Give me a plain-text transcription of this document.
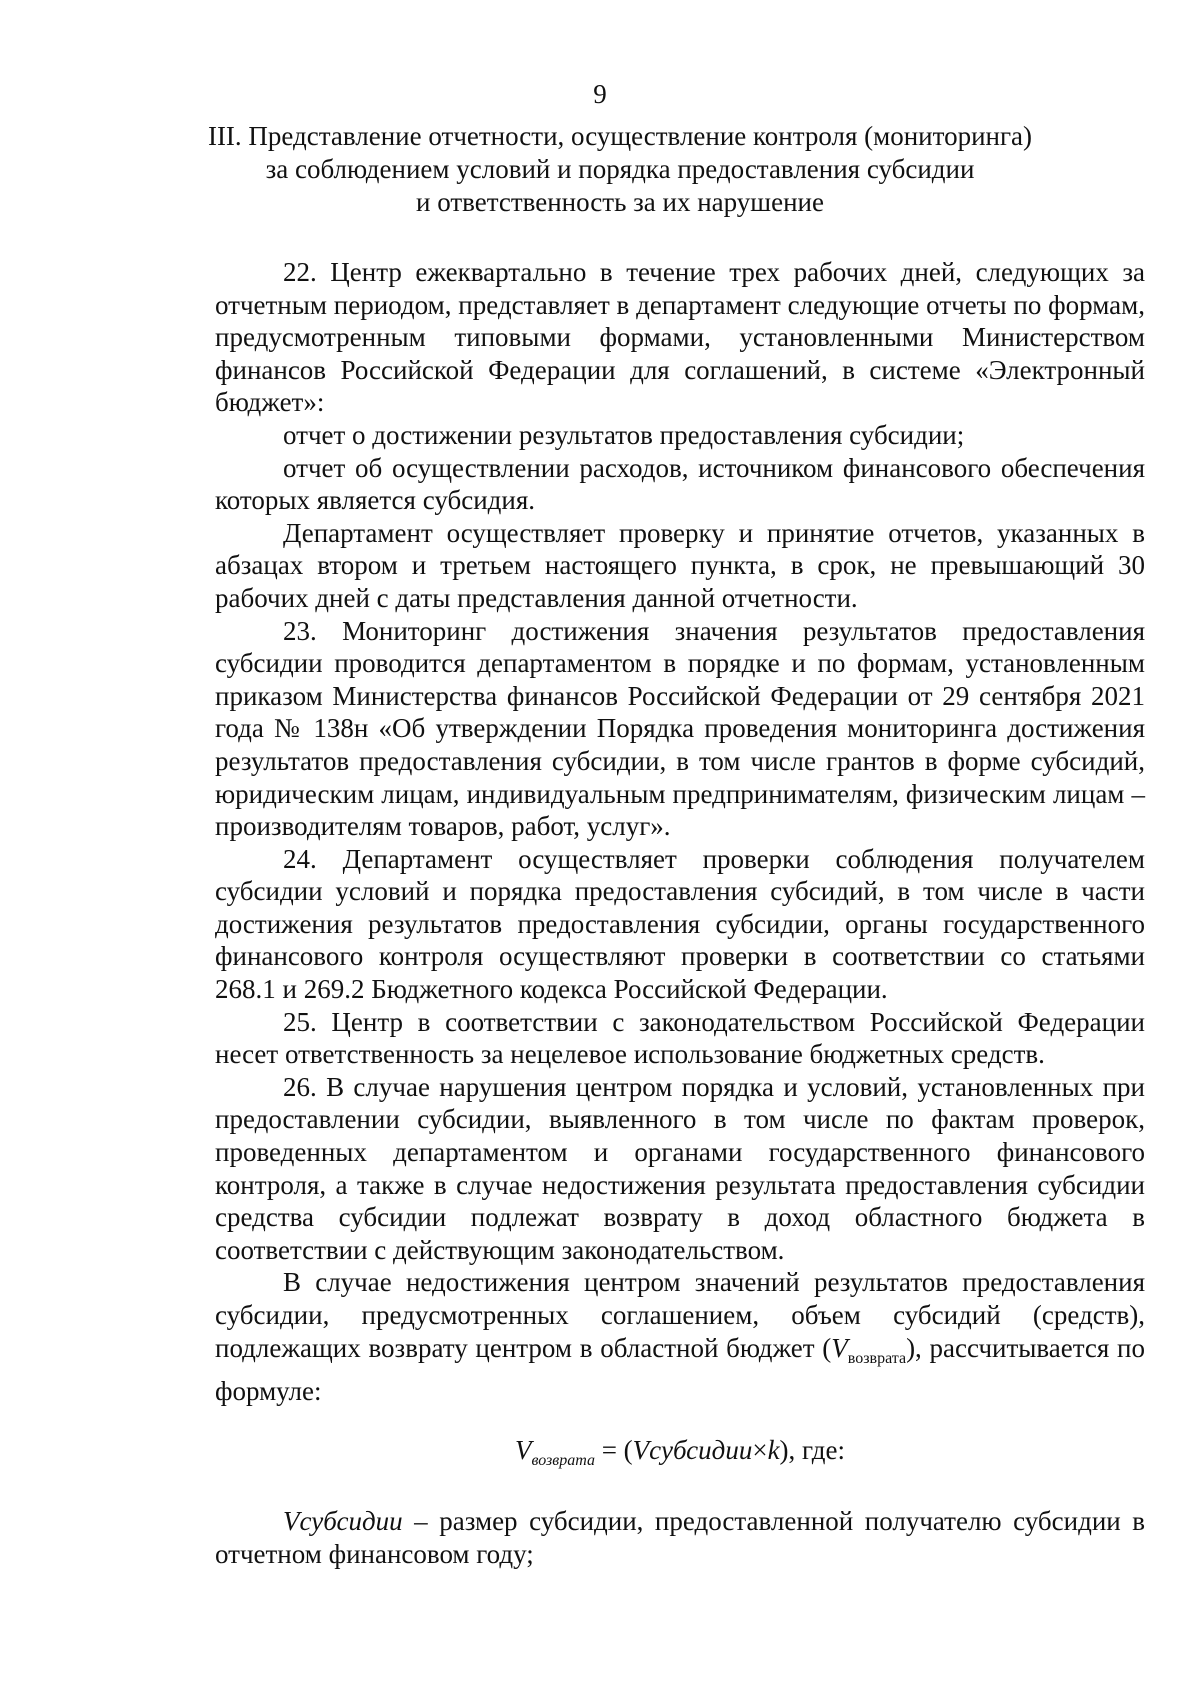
9
III. Представление отчетности, осуществление контроля (мониторинга)
за соблюдением условий и порядка предоставления субсидии
и ответственность за их нарушение

22. Центр ежеквартально в течение трех рабочих дней, следующих за отчетным периодом, представляет в департамент следующие отчеты по формам, предусмотренным типовыми формами, установленными Министерством финансов Российской Федерации для соглашений, в системе «Электронный бюджет»:

отчет о достижении результатов предоставления субсидии;

отчет об осуществлении расходов, источником финансового обеспечения которых является субсидия.

Департамент осуществляет проверку и принятие отчетов, указанных в абзацах втором и третьем настоящего пункта, в срок, не превышающий 30 рабочих дней с даты представления данной отчетности.

23. Мониторинг достижения значения результатов предоставления субсидии проводится департаментом в порядке и по формам, установленным приказом Министерства финансов Российской Федерации от 29 сентября 2021 года № 138н «Об утверждении Порядка проведения мониторинга достижения результатов предоставления субсидии, в том числе грантов в форме субсидий, юридическим лицам, индивидуальным предпринимателям, физическим лицам – производителям товаров, работ, услуг».

24. Департамент осуществляет проверки соблюдения получателем субсидии условий и порядка предоставления субсидий, в том числе в части достижения результатов предоставления субсидии, органы государственного финансового контроля осуществляют проверки в соответствии со статьями 268.1 и 269.2 Бюджетного кодекса Российской Федерации.

25. Центр в соответствии с законодательством Российской Федерации несет ответственность за нецелевое использование бюджетных средств.

26. В случае нарушения центром порядка и условий, установленных при предоставлении субсидии, выявленного в том числе по фактам проверок, проведенных департаментом и органами государственного финансового контроля, а также в случае недостижения результата предоставления субсидии средства субсидии подлежат возврату в доход областного бюджета в соответствии с действующим законодательством.

В случае недостижения центром значений результатов предоставления субсидии, предусмотренных соглашением, объем субсидий (средств), подлежащих возврату центром в областной бюджет $(V_{возврата})$, рассчитывается по формуле:

$V_{возврата}$ = (Vсубсидии×k), где:

Vсубсидии – размер субсидии, предоставленной получателю субсидии в отчетном финансовом году;
